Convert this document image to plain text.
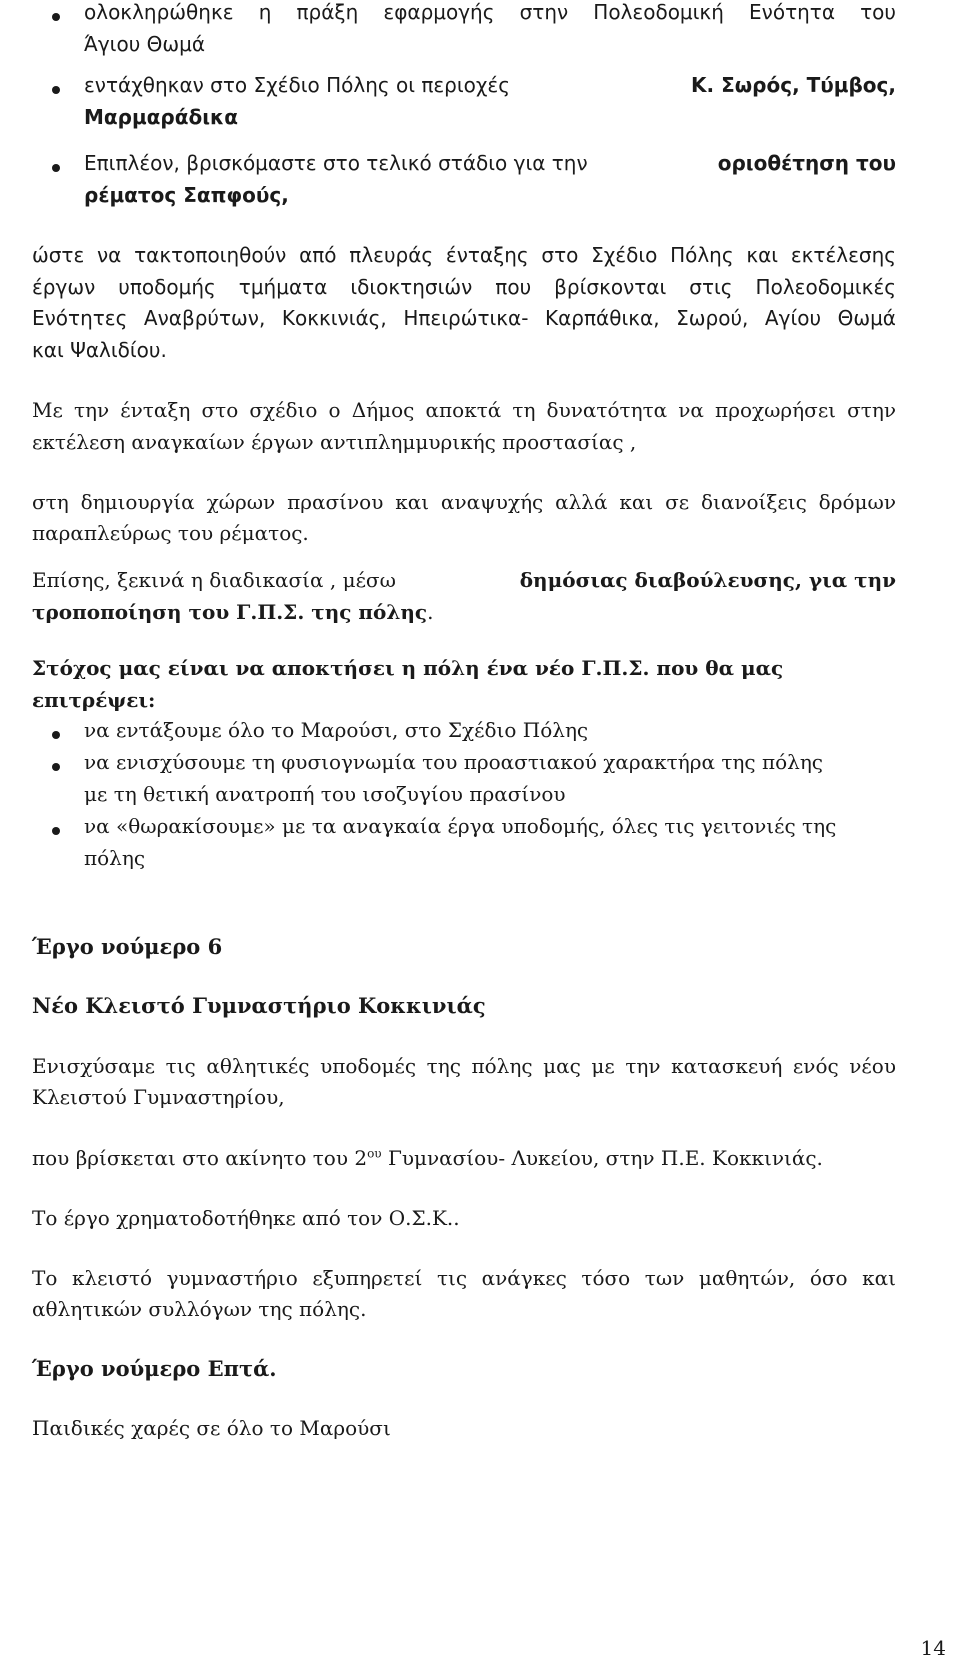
ολοκληρώθηκε η πράξη εφαρμογής στην Πολεοδομική Ενότητα του
Άγιου Θωμά
εντάχθηκαν στο Σχέδιο Πόλης οι περιοχές	Κ. Σωρός, Τύμβος,
Μαρμαράδικα
Επιπλέον, βρισκόμαστε στο τελικό στάδιο για την	οριοθέτηση του
ρέματος Σαπφούς,
ώστε να τακτοποιηθούν από πλευράς ένταξης στο Σχέδιο Πόλης και εκτέλεσης
έργων υποδομής τμήματα ιδιοκτησιών που βρίσκονται στις Πολεοδομικές
Ενότητες Αναβρύτων, Κοκκινιάς, Ηπειρώτικα- Καρπάθικα, Σωρού, Αγίου Θωμά
και Ψαλιδίου.
Με την ένταξη στο σχέδιο ο Δήμος αποκτά τη δυνατότητα να προχωρήσει στην
εκτέλεση αναγκαίων έργων αντιπλημμυρικής προστασίας ,
στη δημιουργία χώρων πρασίνου και αναψυχής αλλά και σε διανοίξεις δρόμων
παραπλεύρως του ρέματος.
Επίσης, ξεκινά η διαδικασία , μέσω	δημόσιας διαβούλευσης, για την
τροποποίηση του Γ.Π.Σ. της πόλης.
Στόχος μας είναι να αποκτήσει η πόλη ένα νέο Γ.Π.Σ. που θα μας
επιτρέψει:
να εντάξουμε όλο το Μαρούσι, στο Σχέδιο Πόλης
να ενισχύσουμε τη φυσιογνωμία του προαστιακού χαρακτήρα της πόλης
με τη θετική ανατροπή του ισοζυγίου πρασίνου
να «θωρακίσουμε» με τα αναγκαία έργα υποδομής, όλες τις γειτονιές της
πόλης
Έργο νούμερο 6
Νέο Κλειστό Γυμναστήριο Κοκκινιάς
Ενισχύσαμε τις αθλητικές υποδομές της πόλης μας με την κατασκευή ενός νέου
Κλειστού Γυμναστηρίου,
που βρίσκεται στο ακίνητο του $2^{o\upsilon}$ Γυμνασίου- Λυκείου, στην Π.Ε. Κοκκινιάς.
Το έργο χρηματοδοτήθηκε από τον Ο.Σ.Κ..
Το κλειστό γυμναστήριο εξυπηρετεί τις ανάγκες τόσο των μαθητών, όσο και
αθλητικών συλλόγων της πόλης.
Έργο νούμερο Επτά.
Παιδικές χαρές σε όλο το Μαρούσι
14
